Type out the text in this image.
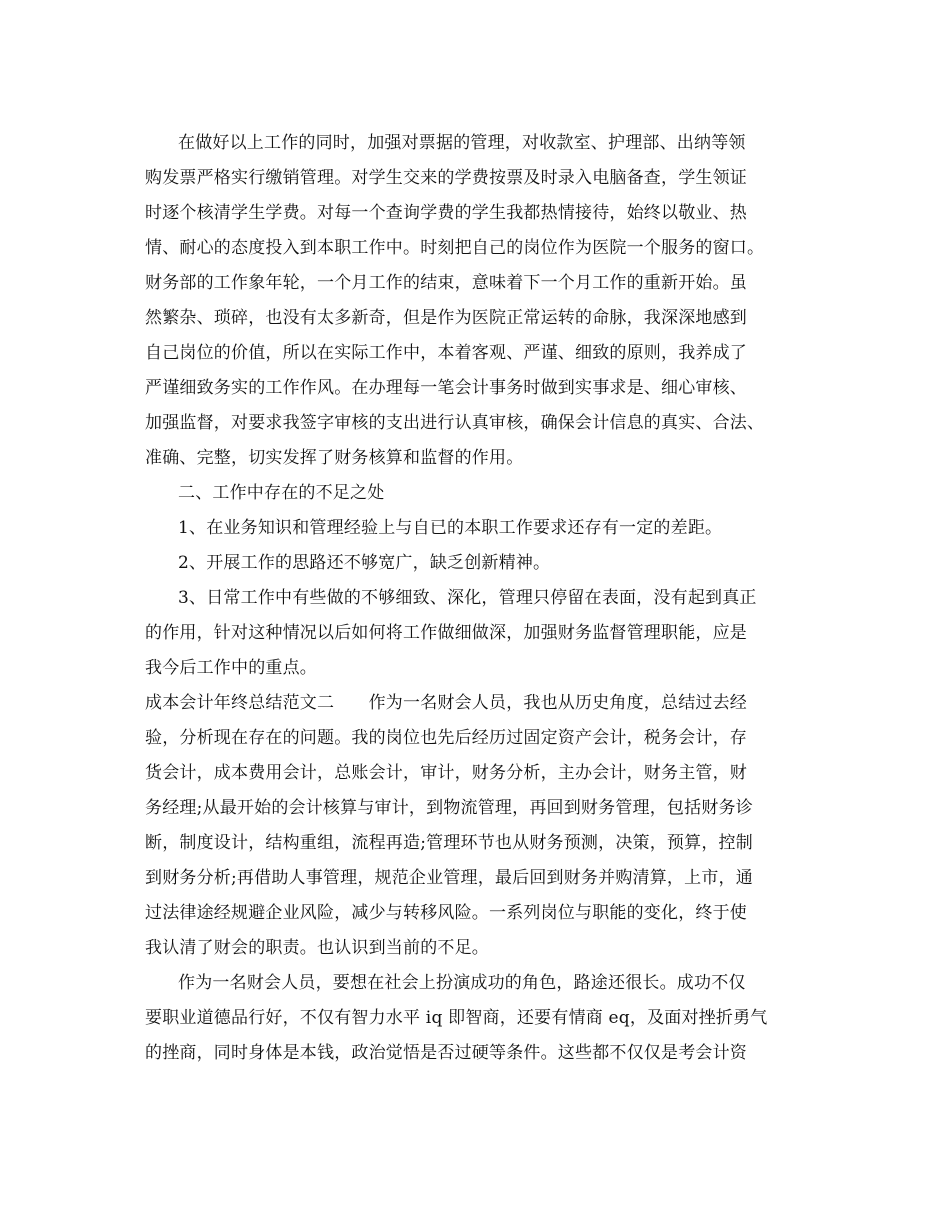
在做好以上工作的同时，加强对票据的管理，对收款室、护理部、出纳等领
购发票严格实行缴销管理。对学生交来的学费按票及时录入电脑备查，学生领证
时逐个核清学生学费。对每一个查询学费的学生我都热情接待，始终以敬业、热
情、耐心的态度投入到本职工作中。时刻把自己的岗位作为医院一个服务的窗口。
财务部的工作象年轮，一个月工作的结束，意味着下一个月工作的重新开始。虽
然繁杂、琐碎，也没有太多新奇，但是作为医院正常运转的命脉，我深深地感到
自己岗位的价值，所以在实际工作中，本着客观、严谨、细致的原则，我养成了
严谨细致务实的工作作风。在办理每一笔会计事务时做到实事求是、细心审核、
加强监督，对要求我签字审核的支出进行认真审核，确保会计信息的真实、合法、
准确、完整，切实发挥了财务核算和监督的作用。
二、工作中存在的不足之处
1、在业务知识和管理经验上与自已的本职工作要求还存有一定的差距。
2、开展工作的思路还不够宽广，缺乏创新精神。
3、日常工作中有些做的不够细致、深化，管理只停留在表面，没有起到真正
的作用，针对这种情况以后如何将工作做细做深，加强财务监督管理职能，应是
我今后工作中的重点。
成本会计年终总结范文二　　作为一名财会人员，我也从历史角度，总结过去经
验，分析现在存在的问题。我的岗位也先后经历过固定资产会计，税务会计，存
货会计，成本费用会计，总账会计，审计，财务分析，主办会计，财务主管，财
务经理;从最开始的会计核算与审计，到物流管理，再回到财务管理，包括财务诊
断，制度设计，结构重组，流程再造;管理环节也从财务预测，决策，预算，控制
到财务分析;再借助人事管理，规范企业管理，最后回到财务并购清算，上市，通
过法律途经规避企业风险，减少与转移风险。一系列岗位与职能的变化，终于使
我认清了财会的职责。也认识到当前的不足。
作为一名财会人员，要想在社会上扮演成功的角色，路途还很长。成功不仅
要职业道德品行好，不仅有智力水平 iq 即智商，还要有情商 eq，及面对挫折勇气
的挫商，同时身体是本钱，政治觉悟是否过硬等条件。这些都不仅仅是考会计资
